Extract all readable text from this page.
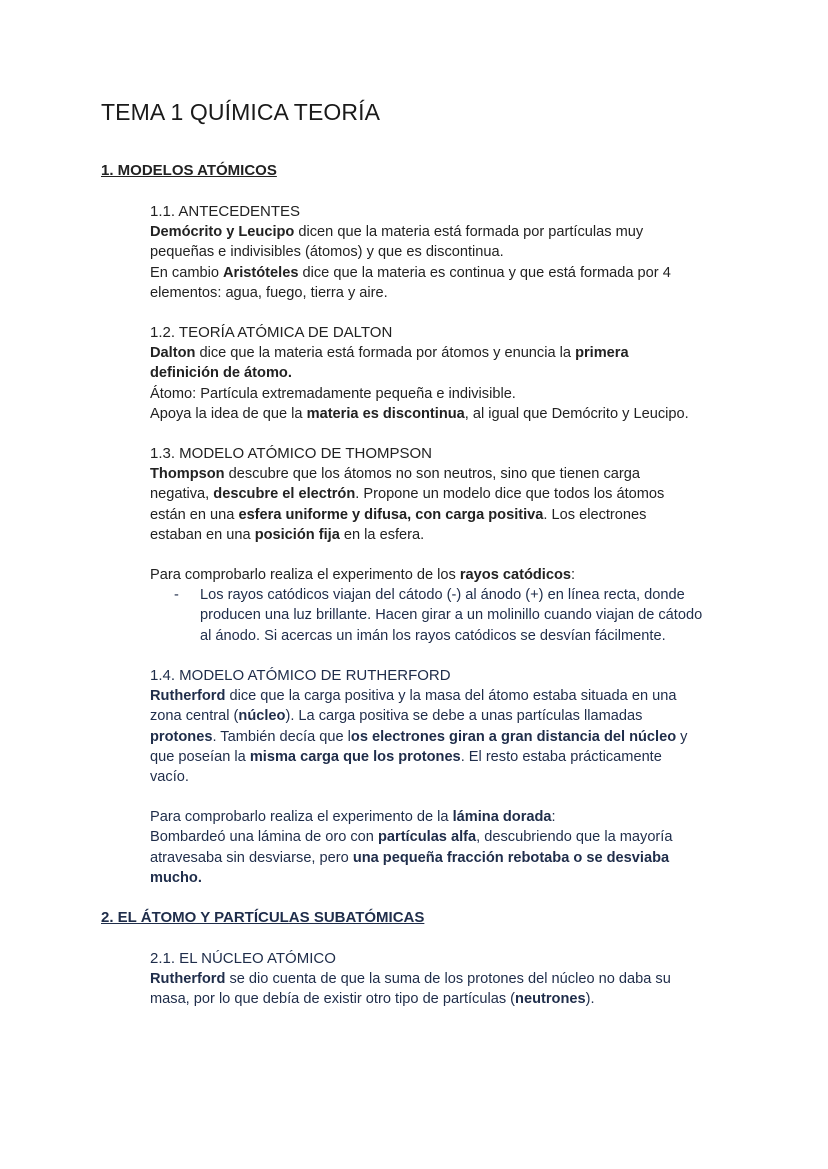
TEMA 1 QUÍMICA TEORÍA
1. MODELOS ATÓMICOS

1.1. ANTECEDENTES

Demócrito y Leucipo dicen que la materia está formada por partículas muy

pequeñas e indivisibles (átomos) y que es discontinua.

En cambio Aristóteles dice que la materia es continua y que está formada por 4

elementos: agua, fuego, tierra y aire.

1.2. TEORÍA ATÓMICA DE DALTON

Dalton dice que la materia está formada por átomos y enuncia la primera

definición de átomo.

Átomo: Partícula extremadamente pequeña e indivisible.

Apoya la idea de que la materia es discontinua, al igual que Demócrito y Leucipo.

1.3. MODELO ATÓMICO DE THOMPSON

Thompson descubre que los átomos no son neutros, sino que tienen carga

negativa, descubre el electrón. Propone un modelo dice que todos los átomos

están en una esfera uniforme y difusa, con carga positiva. Los electrones

estaban en una posición fija en la esfera.

Para comprobarlo realiza el experimento de los rayos catódicos:

- Los rayos catódicos viajan del cátodo (-) al ánodo (+) en línea recta, donde

producen una luz brillante. Hacen girar a un molinillo cuando viajan de cátodo

al ánodo. Si acercas un imán los rayos catódicos se desvían fácilmente.

1.4. MODELO ATÓMICO DE RUTHERFORD

Rutherford dice que la carga positiva y la masa del átomo estaba situada en una

zona central (núcleo). La carga positiva se debe a unas partículas llamadas

protones. También decía que los electrones giran a gran distancia del núcleo y

que poseían la misma carga que los protones. El resto estaba prácticamente

vacío.

Para comprobarlo realiza el experimento de la lámina dorada:

Bombardeó una lámina de oro con partículas alfa, descubriendo que la mayoría

atravesaba sin desviarse, pero una pequeña fracción rebotaba o se desviaba

mucho.

2. EL ÁTOMO Y PARTÍCULAS SUBATÓMICAS

2.1. EL NÚCLEO ATÓMICO

Rutherford se dio cuenta de que la suma de los protones del núcleo no daba su

masa, por lo que debía de existir otro tipo de partículas (neutrones).
